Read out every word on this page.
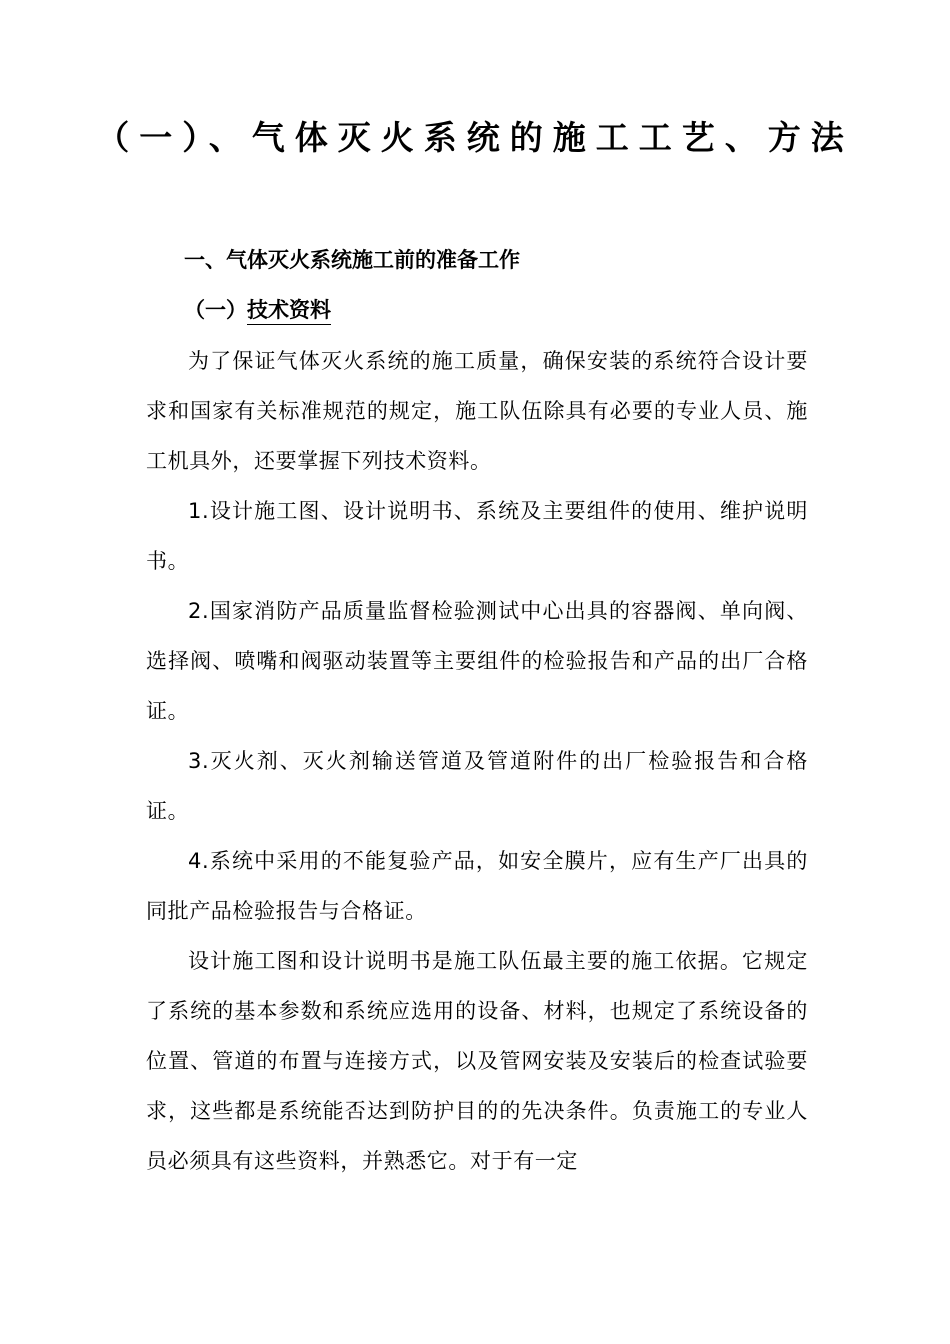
（一）、气体灭火系统的施工工艺、方法
一、气体灭火系统施工前的准备工作
（一）技术资料

为了保证气体灭火系统的施工质量，确保安装的系统符合设计要求和国家有关标准规范的规定，施工队伍除具有必要的专业人员、施工机具外，还要掌握下列技术资料。

1.设计施工图、设计说明书、系统及主要组件的使用、维护说明书。

2.国家消防产品质量监督检验测试中心出具的容器阀、单向阀、选择阀、喷嘴和阀驱动装置等主要组件的检验报告和产品的出厂合格证。

3.灭火剂、灭火剂输送管道及管道附件的出厂检验报告和合格证。

4.系统中采用的不能复验产品，如安全膜片，应有生产厂出具的同批产品检验报告与合格证。

设计施工图和设计说明书是施工队伍最主要的施工依据。它规定了系统的基本参数和系统应选用的设备、材料，也规定了系统设备的位置、管道的布置与连接方式，以及管网安装及安装后的检查试验要求，这些都是系统能否达到防护目的的先决条件。负责施工的专业人员必须具有这些资料，并熟悉它。对于有一定
